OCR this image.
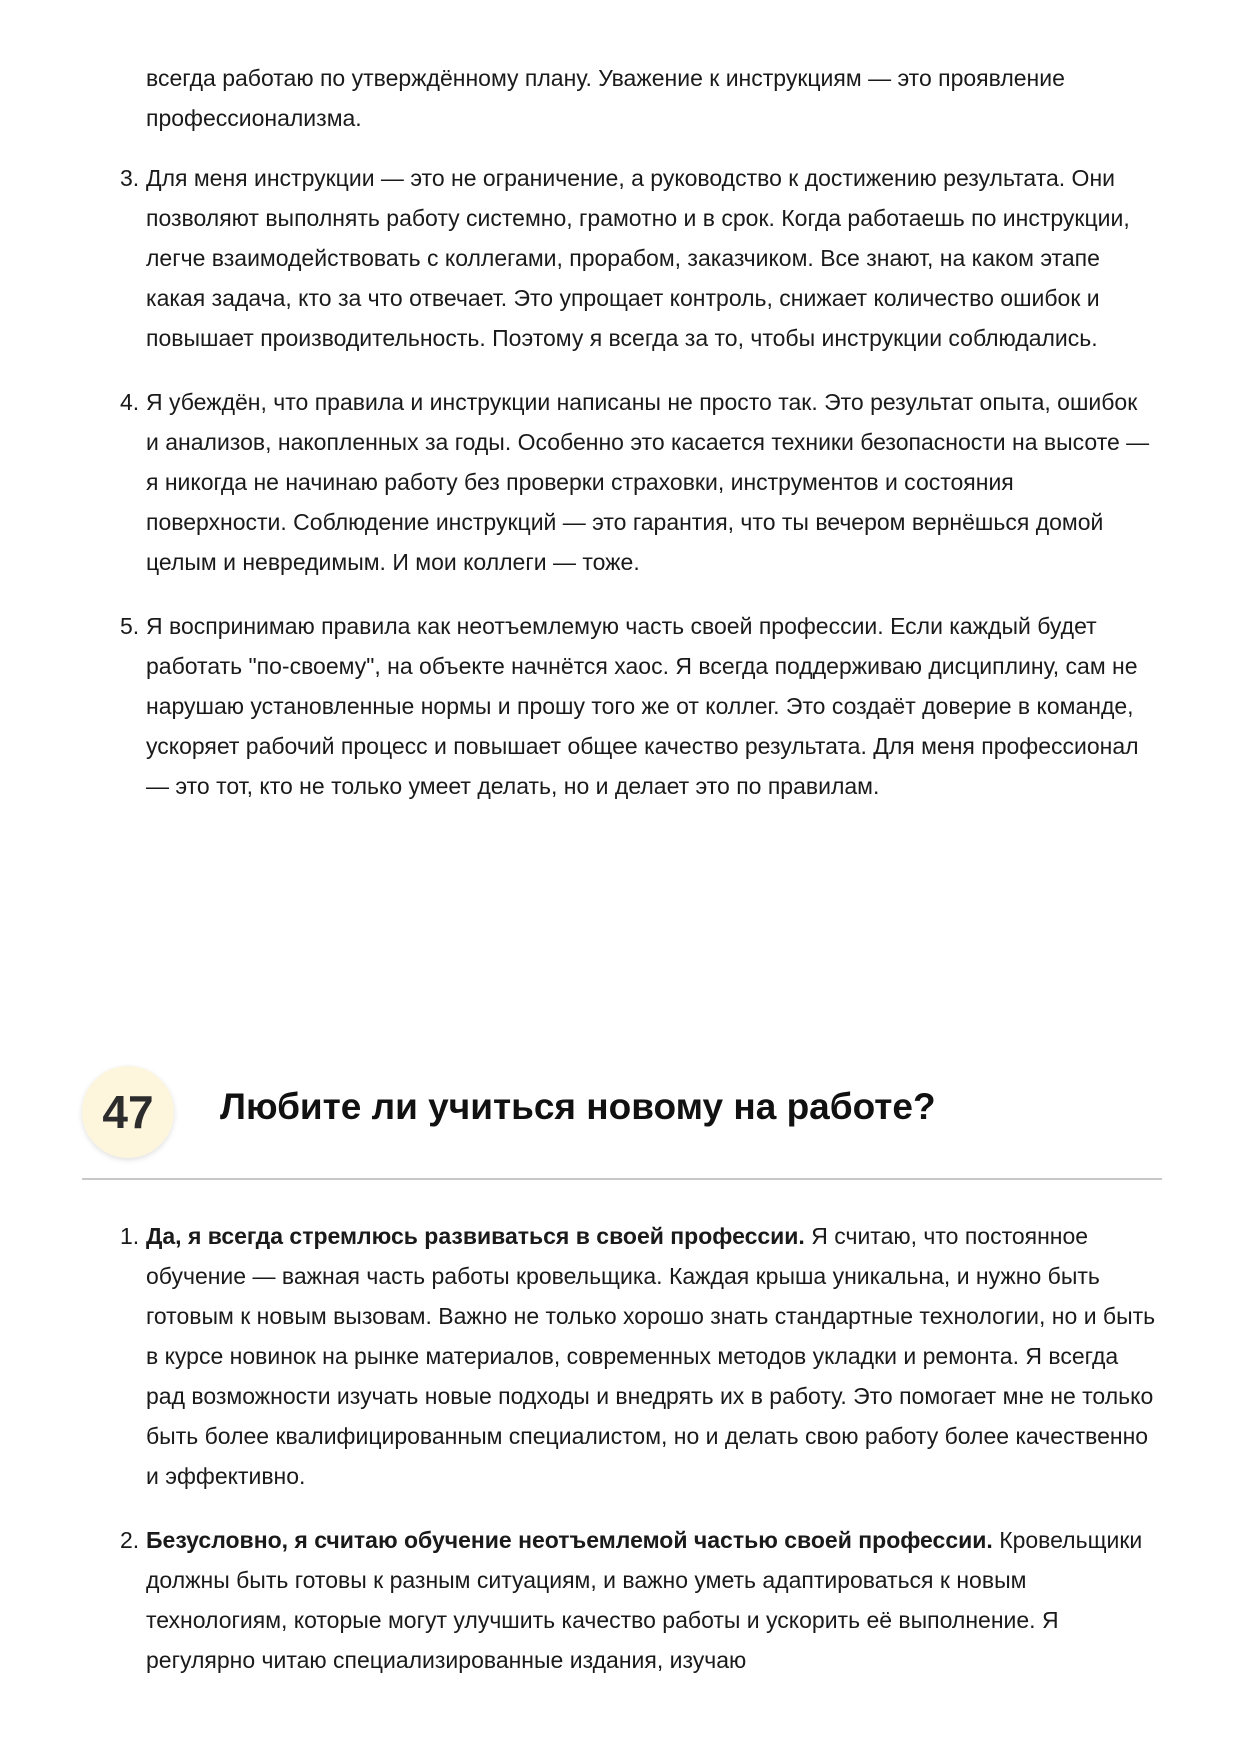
всегда работаю по утверждённому плану. Уважение к инструкциям — это проявление профессионализма.

3. Для меня инструкции — это не ограничение, а руководство к достижению результата. Они позволяют выполнять работу системно, грамотно и в срок. Когда работаешь по инструкции, легче взаимодействовать с коллегами, прорабом, заказчиком. Все знают, на каком этапе какая задача, кто за что отвечает. Это упрощает контроль, снижает количество ошибок и повышает производительность. Поэтому я всегда за то, чтобы инструкции соблюдались.
4. Я убеждён, что правила и инструкции написаны не просто так. Это результат опыта, ошибок и анализов, накопленных за годы. Особенно это касается техники безопасности на высоте — я никогда не начинаю работу без проверки страховки, инструментов и состояния поверхности. Соблюдение инструкций — это гарантия, что ты вечером вернёшься домой целым и невредимым. И мои коллеги — тоже.
5. Я воспринимаю правила как неотъемлемую часть своей профессии. Если каждый будет работать "по-своему", на объекте начнётся хаос. Я всегда поддерживаю дисциплину, сам не нарушаю установленные нормы и прошу того же от коллег. Это создаёт доверие в команде, ускоряет рабочий процесс и повышает общее качество результата. Для меня профессионал — это тот, кто не только умеет делать, но и делает это по правилам.
47	Любите ли учиться новому на работе?
1. Да, я всегда стремлюсь развиваться в своей профессии. Я считаю, что постоянное обучение — важная часть работы кровельщика. Каждая крыша уникальна, и нужно быть готовым к новым вызовам. Важно не только хорошо знать стандартные технологии, но и быть в курсе новинок на рынке материалов, современных методов укладки и ремонта. Я всегда рад возможности изучать новые подходы и внедрять их в работу. Это помогает мне не только быть более квалифицированным специалистом, но и делать свою работу более качественно и эффективно.
2. Безусловно, я считаю обучение неотъемлемой частью своей профессии. Кровельщики должны быть готовы к разным ситуациям, и важно уметь адаптироваться к новым технологиям, которые могут улучшить качество работы и ускорить её выполнение. Я регулярно читаю специализированные издания, изучаю
